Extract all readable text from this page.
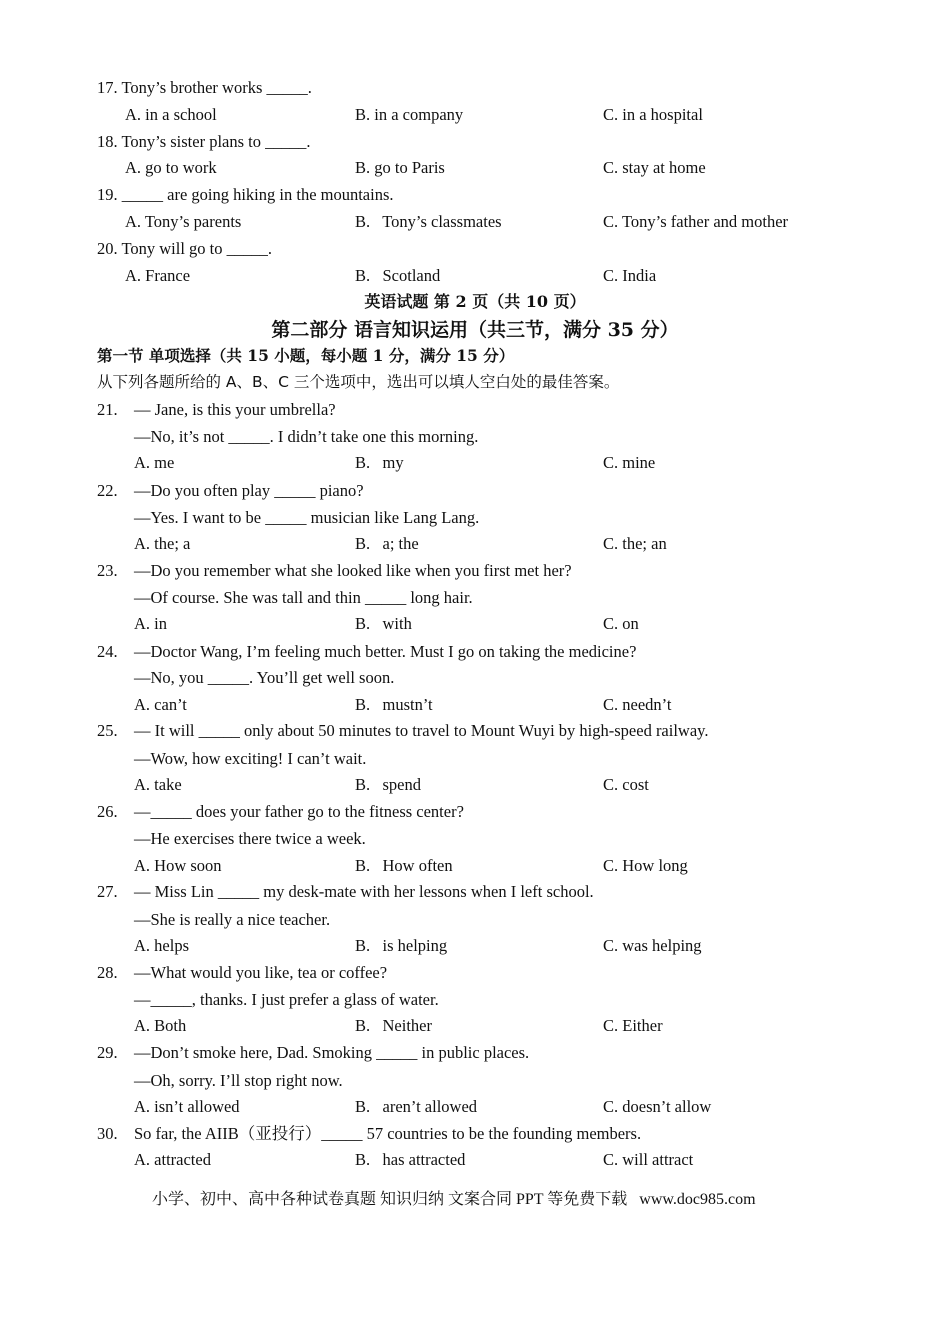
17. Tony’s brother works _____.
A. in a school	B. in a company	C. in a hospital
18. Tony’s sister plans to _____.
A. go to work	B. go to Paris	C. stay at home
19. _____ are going hiking in the mountains.
A. Tony’s parents	B.   Tony’s classmates	C. Tony’s father and mother
20. Tony will go to _____.
A. France	B.   Scotland	C. India
英语试题 第 2 页（共 10 页）
第二部分 语言知识运用（共三节，满分 35 分）
第一节 单项选择（共 15 小题，每小题 1 分，满分 15 分）
从下列各题所给的 A、B、C 三个选项中，选出可以填人空白处的最佳答案。
21. — Jane, is this your umbrella?
—No, it’s not _____. I didn’t take one this morning.
A. me	B.   my	C. mine
22. —Do you often play _____ piano?
—Yes. I want to be _____ musician like Lang Lang.
A. the; a	B.   a; the	C. the; an
23. —Do you remember what she looked like when you first met her?
—Of course. She was tall and thin _____ long hair.
A. in	B.   with	C. on
24. —Doctor Wang, I’m feeling much better. Must I go on taking the medicine?
—No, you _____. You’ll get well soon.
A. can’t	B.   mustn’t	C. needn’t
25. — It will _____ only about 50 minutes to travel to Mount Wuyi by high-speed railway.
—Wow, how exciting! I can’t wait.
A. take	B.   spend	C. cost
26. —_____ does your father go to the fitness center?
—He exercises there twice a week.
A. How soon	B.   How often	C. How long
27. — Miss Lin _____ my desk-mate with her lessons when I left school.
—She is really a nice teacher.
A. helps	B.   is helping	C. was helping
28. —What would you like, tea or coffee?
—_____, thanks. I just prefer a glass of water.
A. Both	B.   Neither	C. Either
29. —Don’t smoke here, Dad. Smoking _____ in public places.
—Oh, sorry. I’ll stop right now.
A. isn’t allowed	B.   aren’t allowed	C. doesn’t allow
30. So far, the AIIB（亚投行）_____ 57 countries to be the founding members.
A. attracted	B.   has attracted	C. will attract
小学、初中、高中各种试卷真题 知识归纳 文案合同 PPT 等免费下载   www.doc985.com
